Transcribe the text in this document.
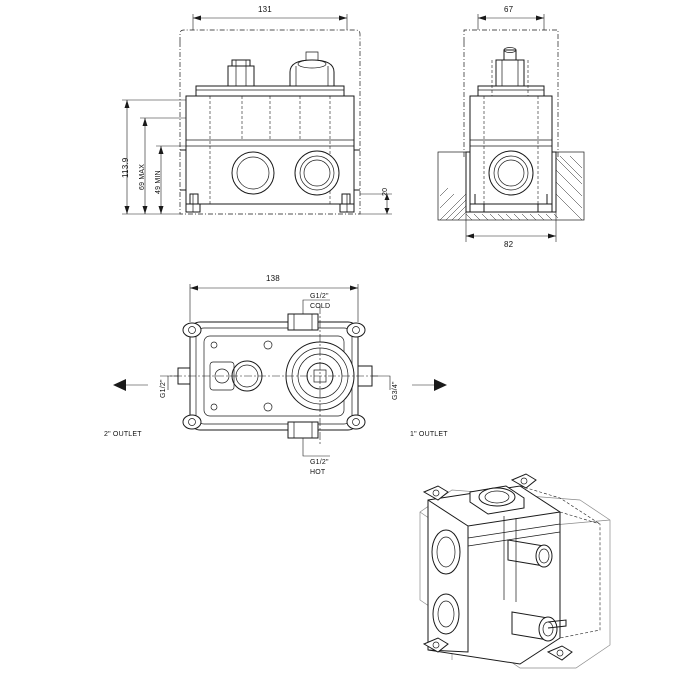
131
113.9 69 MAX 49 MIN	20
67
82
138
G1/2"
COLD
G1/2"
HOT
G1/2"	G3/4"
2" OUTLET	1" OUTLET
